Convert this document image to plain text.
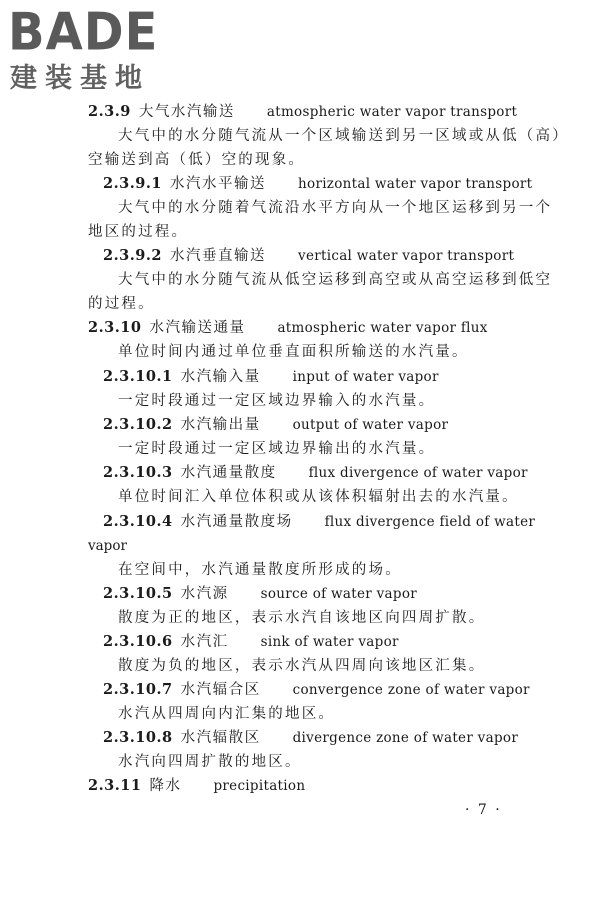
BADE
建装基地
2.3.9 大气水汽输送 atmospheric water vapor transport
大气中的水分随气流从一个区域输送到另一区域或从低（高）
空输送到高（低）空的现象。
2.3.9.1 水汽水平输送 horizontal water vapor transport
大气中的水分随着气流沿水平方向从一个地区运移到另一个
地区的过程。
2.3.9.2 水汽垂直输送 vertical water vapor transport
大气中的水分随气流从低空运移到高空或从高空运移到低空
的过程。
2.3.10 水汽输送通量 atmospheric water vapor flux
单位时间内通过单位垂直面积所输送的水汽量。
2.3.10.1 水汽输入量 input of water vapor
一定时段通过一定区域边界输入的水汽量。
2.3.10.2 水汽输出量 output of water vapor
一定时段通过一定区域边界输出的水汽量。
2.3.10.3 水汽通量散度 flux divergence of water vapor
单位时间汇入单位体积或从该体积辐射出去的水汽量。
2.3.10.4 水汽通量散度场 flux divergence field of water
vapor
在空间中，水汽通量散度所形成的场。
2.3.10.5 水汽源 source of water vapor
散度为正的地区，表示水汽自该地区向四周扩散。
2.3.10.6 水汽汇 sink of water vapor
散度为负的地区，表示水汽从四周向该地区汇集。
2.3.10.7 水汽辐合区 convergence zone of water vapor
水汽从四周向内汇集的地区。
2.3.10.8 水汽辐散区 divergence zone of water vapor
水汽向四周扩散的地区。
2.3.11 降水 precipitation
· 7 ·
